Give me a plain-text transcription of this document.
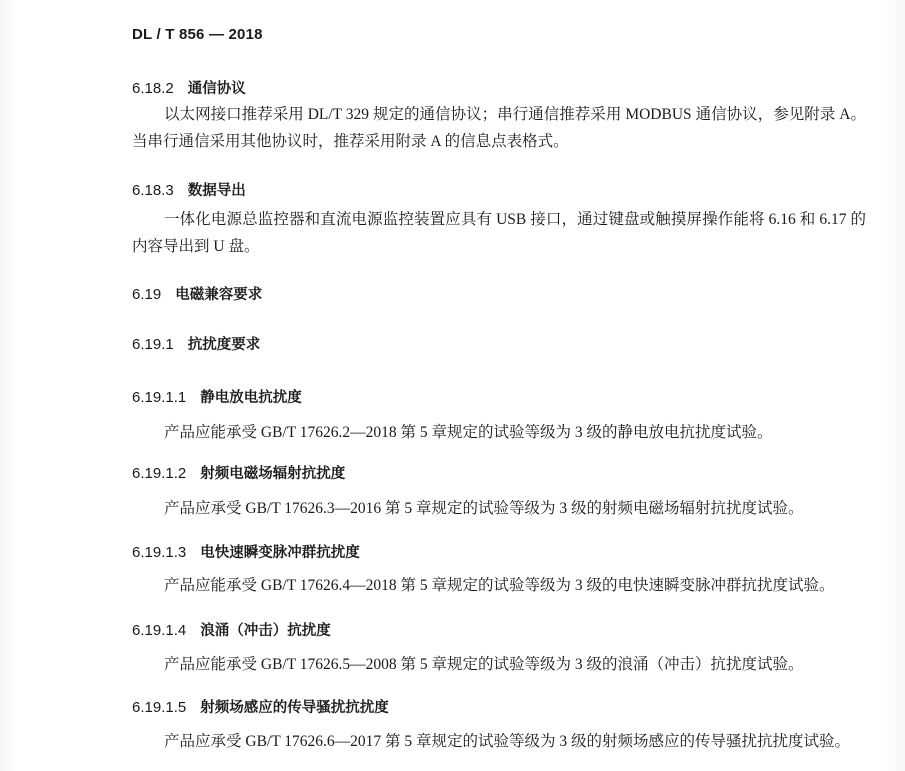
DL / T 856 — 2018
6.18.2 通信协议

以太网接口推荐采用 DL/T 329 规定的通信协议；串行通信推荐采用 MODBUS 通信协议，参见附录 A。当串行通信采用其他协议时，推荐采用附录 A 的信息点表格式。

6.18.3 数据导出

一体化电源总监控器和直流电源监控装置应具有 USB 接口，通过键盘或触摸屏操作能将 6.16 和 6.17 的内容导出到 U 盘。

6.19 电磁兼容要求
6.19.1 抗扰度要求
6.19.1.1 静电放电抗扰度

产品应能承受 GB/T 17626.2—2018 第 5 章规定的试验等级为 3 级的静电放电抗扰度试验。

6.19.1.2 射频电磁场辐射抗扰度

产品应承受 GB/T 17626.3—2016 第 5 章规定的试验等级为 3 级的射频电磁场辐射抗扰度试验。

6.19.1.3 电快速瞬变脉冲群抗扰度

产品应能承受 GB/T 17626.4—2018 第 5 章规定的试验等级为 3 级的电快速瞬变脉冲群抗扰度试验。

6.19.1.4 浪涌（冲击）抗扰度

产品应能承受 GB/T 17626.5—2008 第 5 章规定的试验等级为 3 级的浪涌（冲击）抗扰度试验。

6.19.1.5 射频场感应的传导骚扰抗扰度

产品应承受 GB/T 17626.6—2017 第 5 章规定的试验等级为 3 级的射频场感应的传导骚扰抗扰度试验。
